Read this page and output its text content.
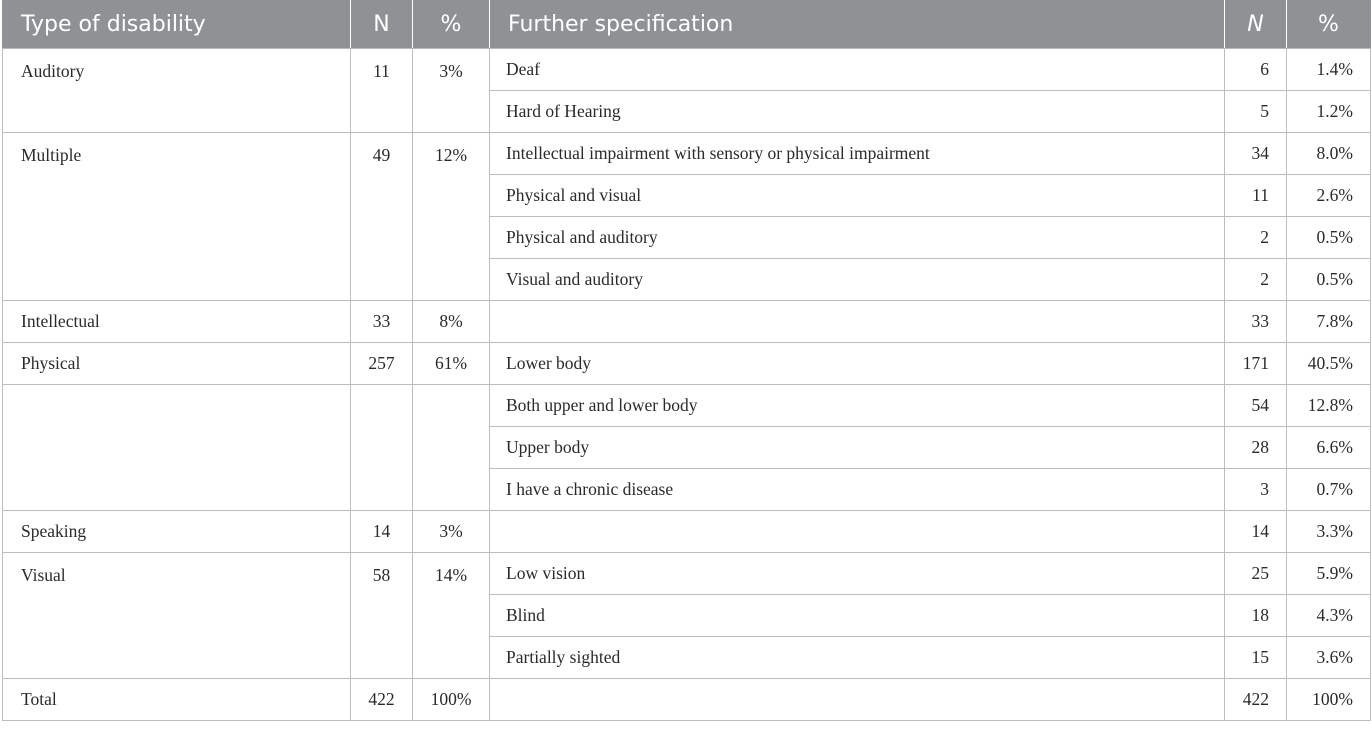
Type of disability	N	%	Further specification	N	%
Auditory	11	3%	Deaf	6	1.4%
			Hard of Hearing	5	1.2%
Multiple	49	12%	Intellectual impairment with sensory or physical impairment	34	8.0%
			Physical and visual	11	2.6%
			Physical and auditory	2	0.5%
			Visual and auditory	2	0.5%
Intellectual	33	8%		33	7.8%
Physical	257	61%	Lower body	171	40.5%
			Both upper and lower body	54	12.8%
			Upper body	28	6.6%
			I have a chronic disease	3	0.7%
Speaking	14	3%		14	3.3%
Visual	58	14%	Low vision	25	5.9%
			Blind	18	4.3%
			Partially sighted	15	3.6%
Total	422	100%		422	100%
